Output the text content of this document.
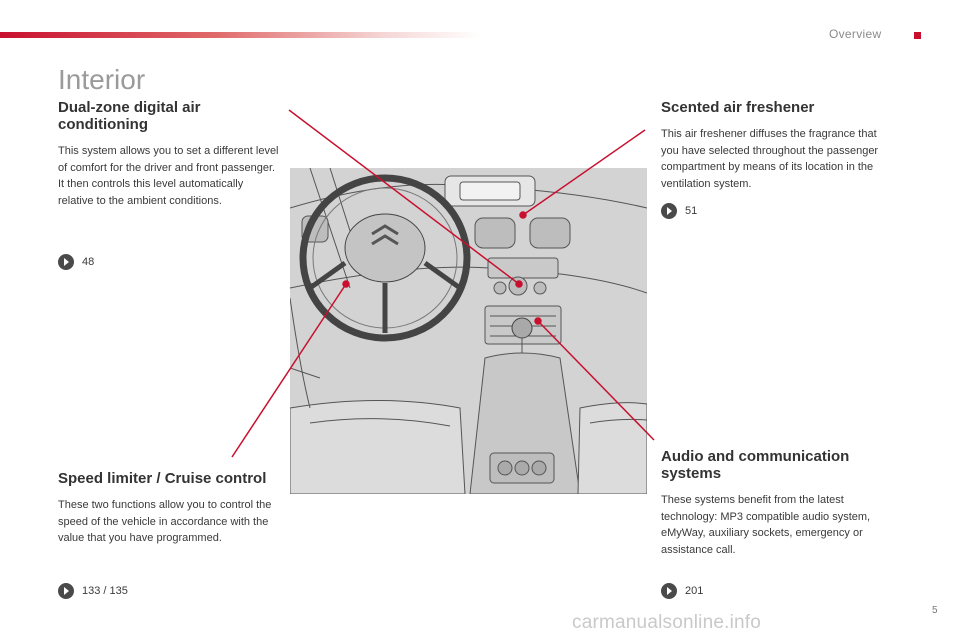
Overview
Interior
Dual-zone digital air conditioning

This system allows you to set a different level of comfort for the driver and front passenger. It then controls this level automatically relative to the ambient conditions.

48
Speed limiter / Cruise control

These two functions allow you to control the speed of the vehicle in accordance with the value that you have programmed.

133 / 135
Scented air freshener

This air freshener diffuses the fragrance that you have selected throughout the passenger compartment by means of its location in the ventilation system.

51
Audio and communication systems

These systems benefit from the latest technology: MP3 compatible audio system, eMyWay, auxiliary sockets, emergency or assistance call.

201
carmanualsonline.info
5
